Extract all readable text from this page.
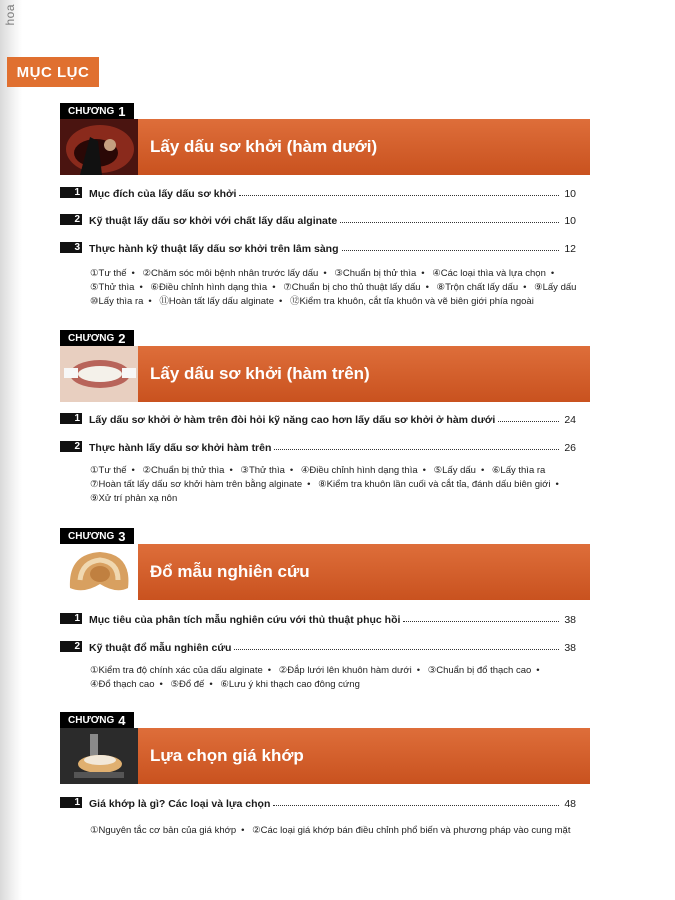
hoa
MỤC LỤC
CHƯƠNG 1
Lấy dấu sơ khởi (hàm dưới)
1 Mục đích của lấy dấu sơ khởi	10
2 Kỹ thuật lấy dấu sơ khởi với chất lấy dấu alginate	10
3 Thực hành kỹ thuật lấy dấu sơ khởi trên lâm sàng	12
①Tư thế • ②Chăm sóc môi bệnh nhân trước lấy dấu • ③Chuẩn bị thử thìa • ④Các loại thìa và lựa chọn •
⑤Thử thìa • ⑥Điều chỉnh hình dạng thìa • ⑦Chuẩn bị cho thủ thuật lấy dấu • ⑧Trộn chất lấy dấu • ⑨Lấy dấu
⑩Lấy thìa ra • ⑪Hoàn tất lấy dấu alginate • ⑫Kiểm tra khuôn, cắt tỉa khuôn và vẽ biên giới phía ngoài
CHƯƠNG 2
Lấy dấu sơ khởi (hàm trên)
1 Lấy dấu sơ khởi ở hàm trên đòi hỏi kỹ năng cao hơn lấy dấu sơ khởi ở hàm dưới	24
2 Thực hành lấy dấu sơ khởi hàm trên	26
①Tư thế • ②Chuẩn bị thử thìa • ③Thử thìa • ④Điều chỉnh hình dạng thìa • ⑤Lấy dấu • ⑥Lấy thìa ra
⑦Hoàn tất lấy dấu sơ khởi hàm trên bằng alginate • ⑧Kiểm tra khuôn lần cuối và cắt tỉa, đánh dấu biên giới •
⑨Xử trí phản xạ nôn
CHƯƠNG 3
Đổ mẫu nghiên cứu
1 Mục tiêu của phân tích mẫu nghiên cứu với thủ thuật phục hồi	38
2 Kỹ thuật đổ mẫu nghiên cứu	38
①Kiểm tra độ chính xác của dấu alginate • ②Đắp lưới lên khuôn hàm dưới • ③Chuẩn bị đổ thạch cao •
④Đổ thạch cao • ⑤Đổ đế • ⑥Lưu ý khi thạch cao đông cứng
CHƯƠNG 4
Lựa chọn giá khớp
1 Giá khớp là gì? Các loại và lựa chọn	48
①Nguyên tắc cơ bản của giá khớp • ②Các loại giá khớp bán điều chỉnh phổ biến và phương pháp vào cung mặt
